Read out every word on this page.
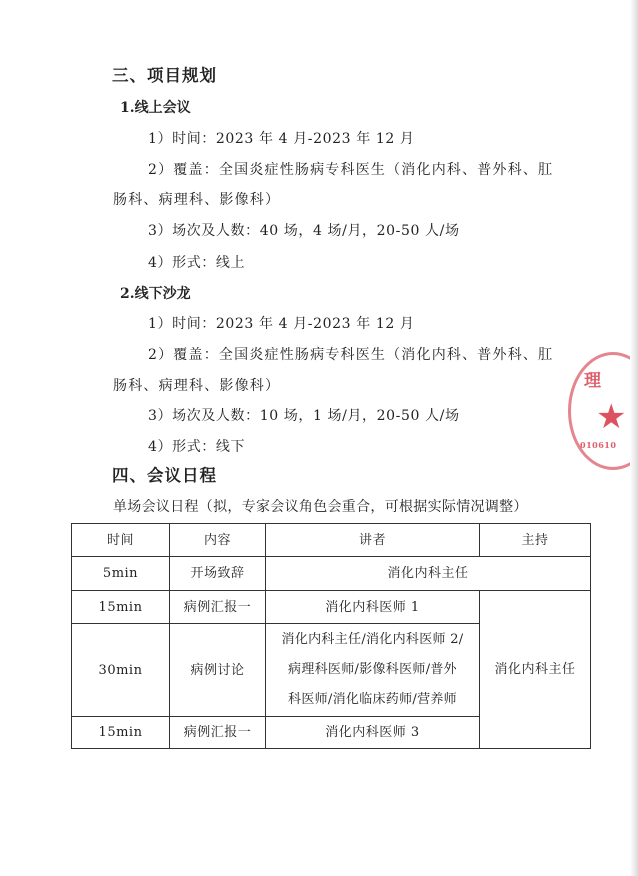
三、项目规划
1.线上会议
1）时间：2023 年 4 月-2023 年 12 月
2）覆盖：全国炎症性肠病专科医生（消化内科、普外科、肛
肠科、病理科、影像科）
3）场次及人数：40 场，4 场/月，20-50 人/场
4）形式：线上
2.线下沙龙
1）时间：2023 年 4 月-2023 年 12 月
2）覆盖：全国炎症性肠病专科医生（消化内科、普外科、肛
肠科、病理科、影像科）
3）场次及人数：10 场，1 场/月，20-50 人/场
4）形式：线下
四、会议日程
单场会议日程（拟，专家会议角色会重合，可根据实际情况调整）
时间	内容	讲者	主持
5min	开场致辞	消化内科主任	
15min	病例汇报一	消化内科医师 1	消化内科主任
30min	病例讨论	消化内科主任/消化内科医师 2/
病理科医师/影像科医师/普外
科医师/消化临床药师/营养师	

15min	病例汇报一	消化内科医师 3	
理
★
010610
